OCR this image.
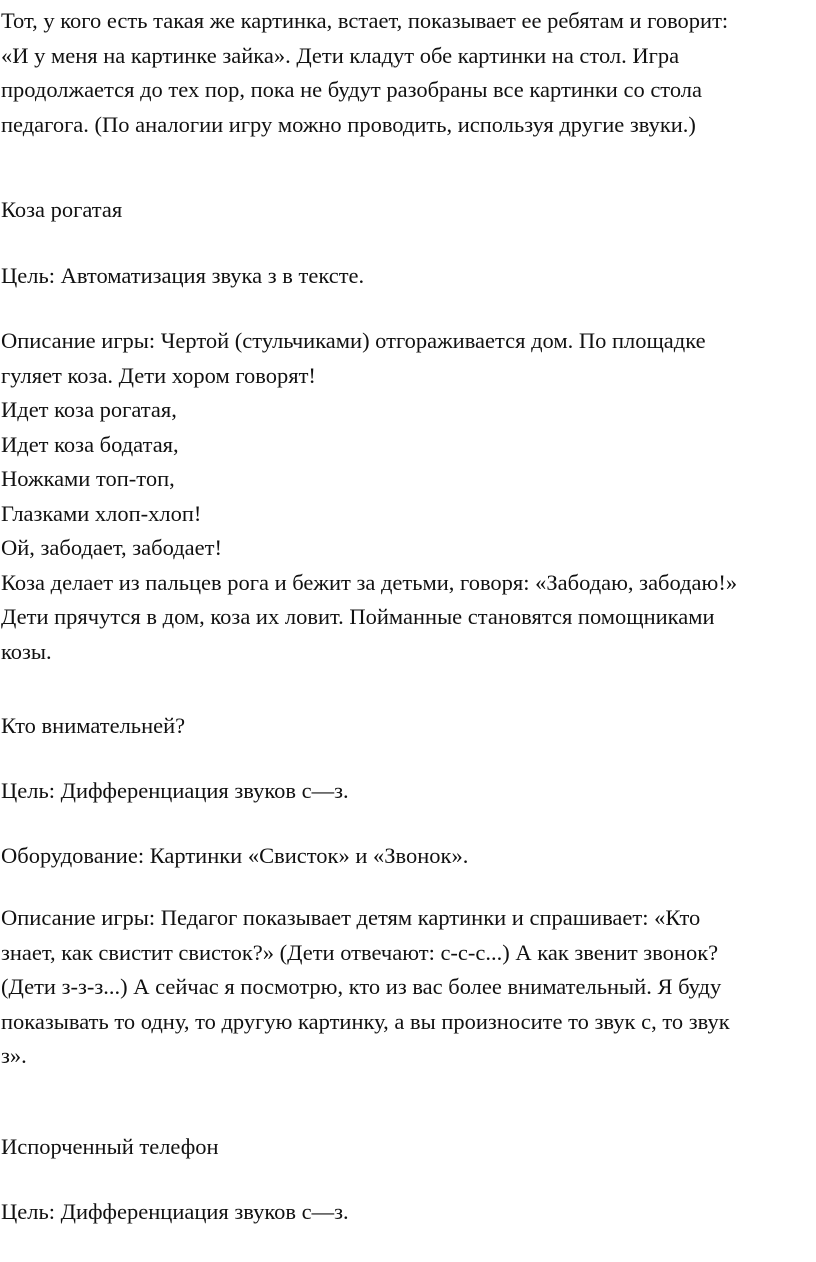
Тот, у кого есть такая же картинка, встает, показывает ее ребятам и говорит:
«И у меня на картинке зайка». Дети кладут обе картинки на стол. Игра
продолжается до тех пор, пока не будут разобраны все картинки со стола
педагога. (По аналогии игру можно проводить, используя другие звуки.)

Коза рогатая

Цель: Автоматизация звука з в тексте.

Описание игры: Чертой (стульчиками) отгораживается дом. По площадке
гуляет коза. Дети хором говорят!
Идет коза рогатая,
Идет коза бодатая,
Ножками топ-топ,
Глазками хлоп-хлоп!
Ой, забодает, забодает!
Коза делает из пальцев рога и бежит за детьми, говоря: «Забодаю, забодаю!»
Дети прячутся в дом, коза их ловит. Пойманные становятся помощниками
козы.

Кто внимательней?

Цель: Дифференциация звуков с—з.

Оборудование: Картинки «Свисток» и «Звонок».

Описание игры: Педагог показывает детям картинки и спрашивает: «Кто
знает, как свистит свисток?» (Дети отвечают: с-с-с...) А как звенит звонок?
(Дети з-з-з...) А сейчас я посмотрю, кто из вас более внимательный. Я буду
показывать то одну, то другую картинку, а вы произносите то звук с, то звук
з».

Испорченный телефон

Цель: Дифференциация звуков с—з.
